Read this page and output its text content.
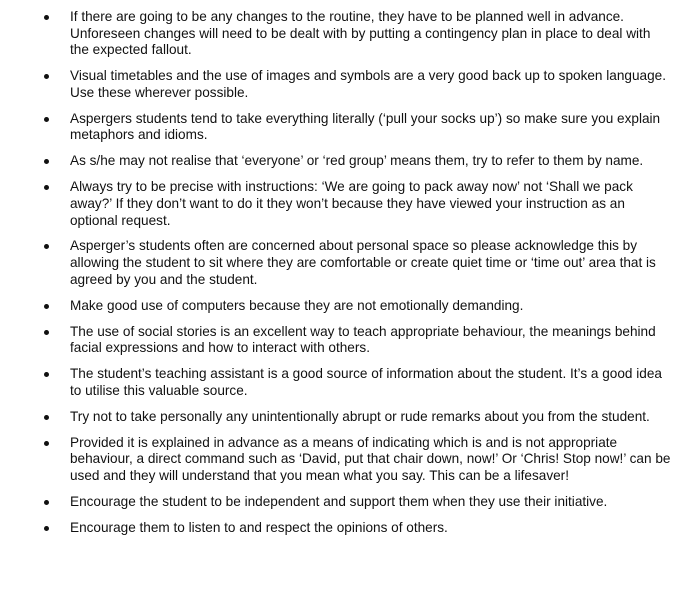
If there are going to be any changes to the routine, they have to be planned well in advance. Unforeseen changes will need to be dealt with by putting a contingency plan in place to deal with the expected fallout.
Visual timetables and the use of images and symbols are a very good back up to spoken language. Use these wherever possible.
Aspergers students tend to take everything literally (‘pull your socks up’) so make sure you explain metaphors and idioms.
As s/he may not realise that ‘everyone’ or ‘red group’ means them, try to refer to them by name.
Always try to be precise with instructions: ‘We are going to pack away now’ not ‘Shall we pack away?’ If they don’t want to do it they won’t because they have viewed your instruction as an optional request.
Asperger’s students often are concerned about personal space so please acknowledge this by allowing the student to sit where they are comfortable or create quiet time or ‘time out’ area that is agreed by you and the student.
Make good use of computers because they are not emotionally demanding.
The use of social stories is an excellent way to teach appropriate behaviour, the meanings behind facial expressions and how to interact with others.
The student’s teaching assistant is a good source of information about the student. It’s a good idea to utilise this valuable source.
Try not to take personally any unintentionally abrupt or rude remarks about you from the student.
Provided it is explained in advance as a means of indicating which is and is not appropriate behaviour, a direct command such as ‘David, put that chair down, now!’ Or ‘Chris! Stop now!’ can be used and they will understand that you mean what you say. This can be a lifesaver!
Encourage the student to be independent and support them when they use their initiative.
Encourage them to listen to and respect the opinions of others.
